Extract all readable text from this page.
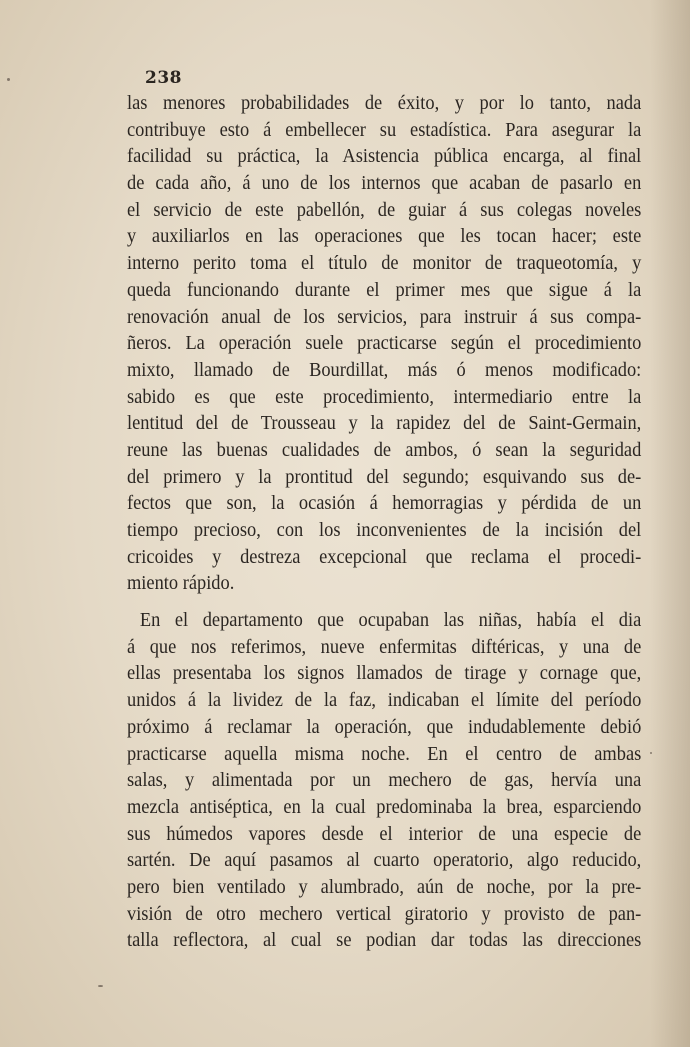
238
las menores probabilidades de éxito, y por lo tanto, nada
contribuye esto á embellecer su estadística. Para asegurar la
facilidad su práctica, la Asistencia pública encarga, al final
de cada año, á uno de los internos que acaban de pasarlo en
el servicio de este pabellón, de guiar á sus colegas noveles
y auxiliarlos en las operaciones que les tocan hacer; este
interno perito toma el título de monitor de traqueotomía, y
queda funcionando durante el primer mes que sigue á la
renovación anual de los servicios, para instruir á sus compa-
ñeros. La operación suele practicarse según el procedimiento
mixto, llamado de Bourdillat, más ó menos modificado:
sabido es que este procedimiento, intermediario entre la
lentitud del de Trousseau y la rapidez del de Saint-Germain,
reune las buenas cualidades de ambos, ó sean la seguridad
del primero y la prontitud del segundo; esquivando sus de-
fectos que son, la ocasión á hemorragias y pérdida de un
tiempo precioso, con los inconvenientes de la incisión del
cricoides y destreza excepcional que reclama el procedi-
miento rápido.
En el departamento que ocupaban las niñas, había el dia
á que nos referimos, nueve enfermitas diftéricas, y una de
ellas presentaba los signos llamados de tirage y cornage que,
unidos á la lividez de la faz, indicaban el límite del período
próximo á reclamar la operación, que indudablemente debió
practicarse aquella misma noche. En el centro de ambas
salas, y alimentada por un mechero de gas, hervía una
mezcla antiséptica, en la cual predominaba la brea, esparciendo
sus húmedos vapores desde el interior de una especie de
sartén. De aquí pasamos al cuarto operatorio, algo reducido,
pero bien ventilado y alumbrado, aún de noche, por la pre-
visión de otro mechero vertical giratorio y provisto de pan-
talla reflectora, al cual se podian dar todas las direcciones
